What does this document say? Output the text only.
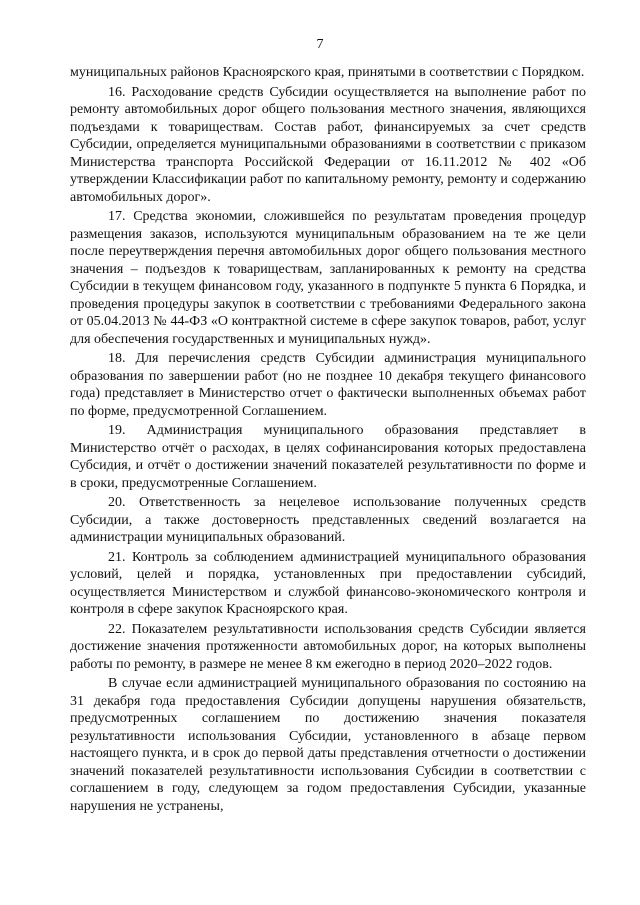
7

муниципальных районов Красноярского края, принятыми в соответствии с Порядком.

16. Расходование средств Субсидии осуществляется на выполнение работ по ремонту автомобильных дорог общего пользования местного значения, являющихся подъездами к товариществам. Состав работ, финансируемых за счет средств Субсидии, определяется муниципальными образованиями в соответствии с приказом Министерства транспорта Российской Федерации от 16.11.2012 № 402 «Об утверждении Классификации работ по капитальному ремонту, ремонту и содержанию автомобильных дорог».

17. Средства экономии, сложившейся по результатам проведения процедур размещения заказов, используются муниципальным образованием на те же цели после переутверждения перечня автомобильных дорог общего пользования местного значения – подъездов к товариществам, запланированных к ремонту на средства Субсидии в текущем финансовом году, указанного в подпункте 5 пункта 6 Порядка, и проведения процедуры закупок в соответствии с требованиями Федерального закона от 05.04.2013 № 44-ФЗ «О контрактной системе в сфере закупок товаров, работ, услуг для обеспечения государственных и муниципальных нужд».

18. Для перечисления средств Субсидии администрация муниципального образования по завершении работ (но не позднее 10 декабря текущего финансового года) представляет в Министерство отчет о фактически выполненных объемах работ по форме, предусмотренной Соглашением.

19. Администрация муниципального образования представляет в Министерство отчёт о расходах, в целях софинансирования которых предоставлена Субсидия, и отчёт о достижении значений показателей результативности по форме и в сроки, предусмотренные Соглашением.

20. Ответственность за нецелевое использование полученных средств Субсидии, а также достоверность представленных сведений возлагается на администрации муниципальных образований.

21. Контроль за соблюдением администрацией муниципального образования условий, целей и порядка, установленных при предоставлении субсидий, осуществляется Министерством и службой финансово-экономического контроля и контроля в сфере закупок Красноярского края.

22. Показателем результативности использования средств Субсидии является достижение значения протяженности автомобильных дорог, на которых выполнены работы по ремонту, в размере не менее 8 км ежегодно в период 2020–2022 годов.

В случае если администрацией муниципального образования по состоянию на 31 декабря года предоставления Субсидии допущены нарушения обязательств, предусмотренных соглашением по достижению значения показателя результативности использования Субсидии, установленного в абзаце первом настоящего пункта, и в срок до первой даты представления отчетности о достижении значений показателей результативности использования Субсидии в соответствии с соглашением в году, следующем за годом предоставления Субсидии, указанные нарушения не устранены,
